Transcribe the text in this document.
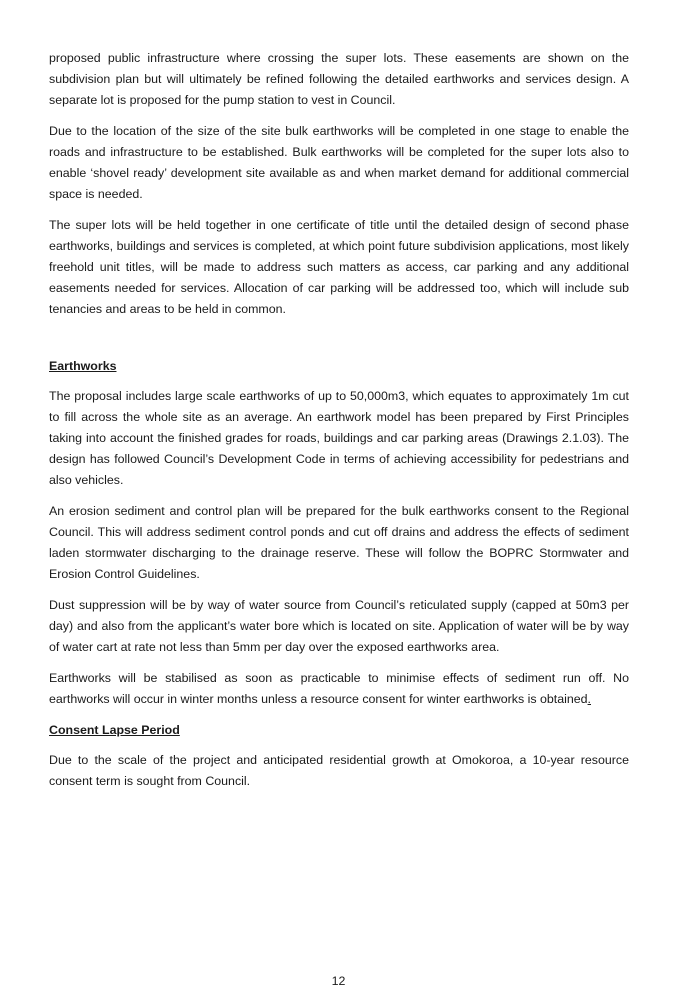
proposed public infrastructure where crossing the super lots. These easements are shown on the subdivision plan but will ultimately be refined following the detailed earthworks and services design. A separate lot is proposed for the pump station to vest in Council.

Due to the location of the size of the site bulk earthworks will be completed in one stage to enable the roads and infrastructure to be established. Bulk earthworks will be completed for the super lots also to enable ‘shovel ready’ development site available as and when market demand for additional commercial space is needed.

The super lots will be held together in one certificate of title until the detailed design of second phase earthworks, buildings and services is completed, at which point future subdivision applications, most likely freehold unit titles, will be made to address such matters as access, car parking and any additional easements needed for services. Allocation of car parking will be addressed too, which will include sub tenancies and areas to be held in common.

Earthworks

The proposal includes large scale earthworks of up to 50,000m3, which equates to approximately 1m cut to fill across the whole site as an average. An earthwork model has been prepared by First Principles taking into account the finished grades for roads, buildings and car parking areas (Drawings 2.1.03). The design has followed Council’s Development Code in terms of achieving accessibility for pedestrians and also vehicles.

An erosion sediment and control plan will be prepared for the bulk earthworks consent to the Regional Council. This will address sediment control ponds and cut off drains and address the effects of sediment laden stormwater discharging to the drainage reserve. These will follow the BOPRC Stormwater and Erosion Control Guidelines.

Dust suppression will be by way of water source from Council’s reticulated supply (capped at 50m3 per day) and also from the applicant’s water bore which is located on site. Application of water will be by way of water cart at rate not less than 5mm per day over the exposed earthworks area.

Earthworks will be stabilised as soon as practicable to minimise effects of sediment run off. No earthworks will occur in winter months unless a resource consent for winter earthworks is obtained.

Consent Lapse Period

Due to the scale of the project and anticipated residential growth at Omokoroa, a 10-year resource consent term is sought from Council.

12
